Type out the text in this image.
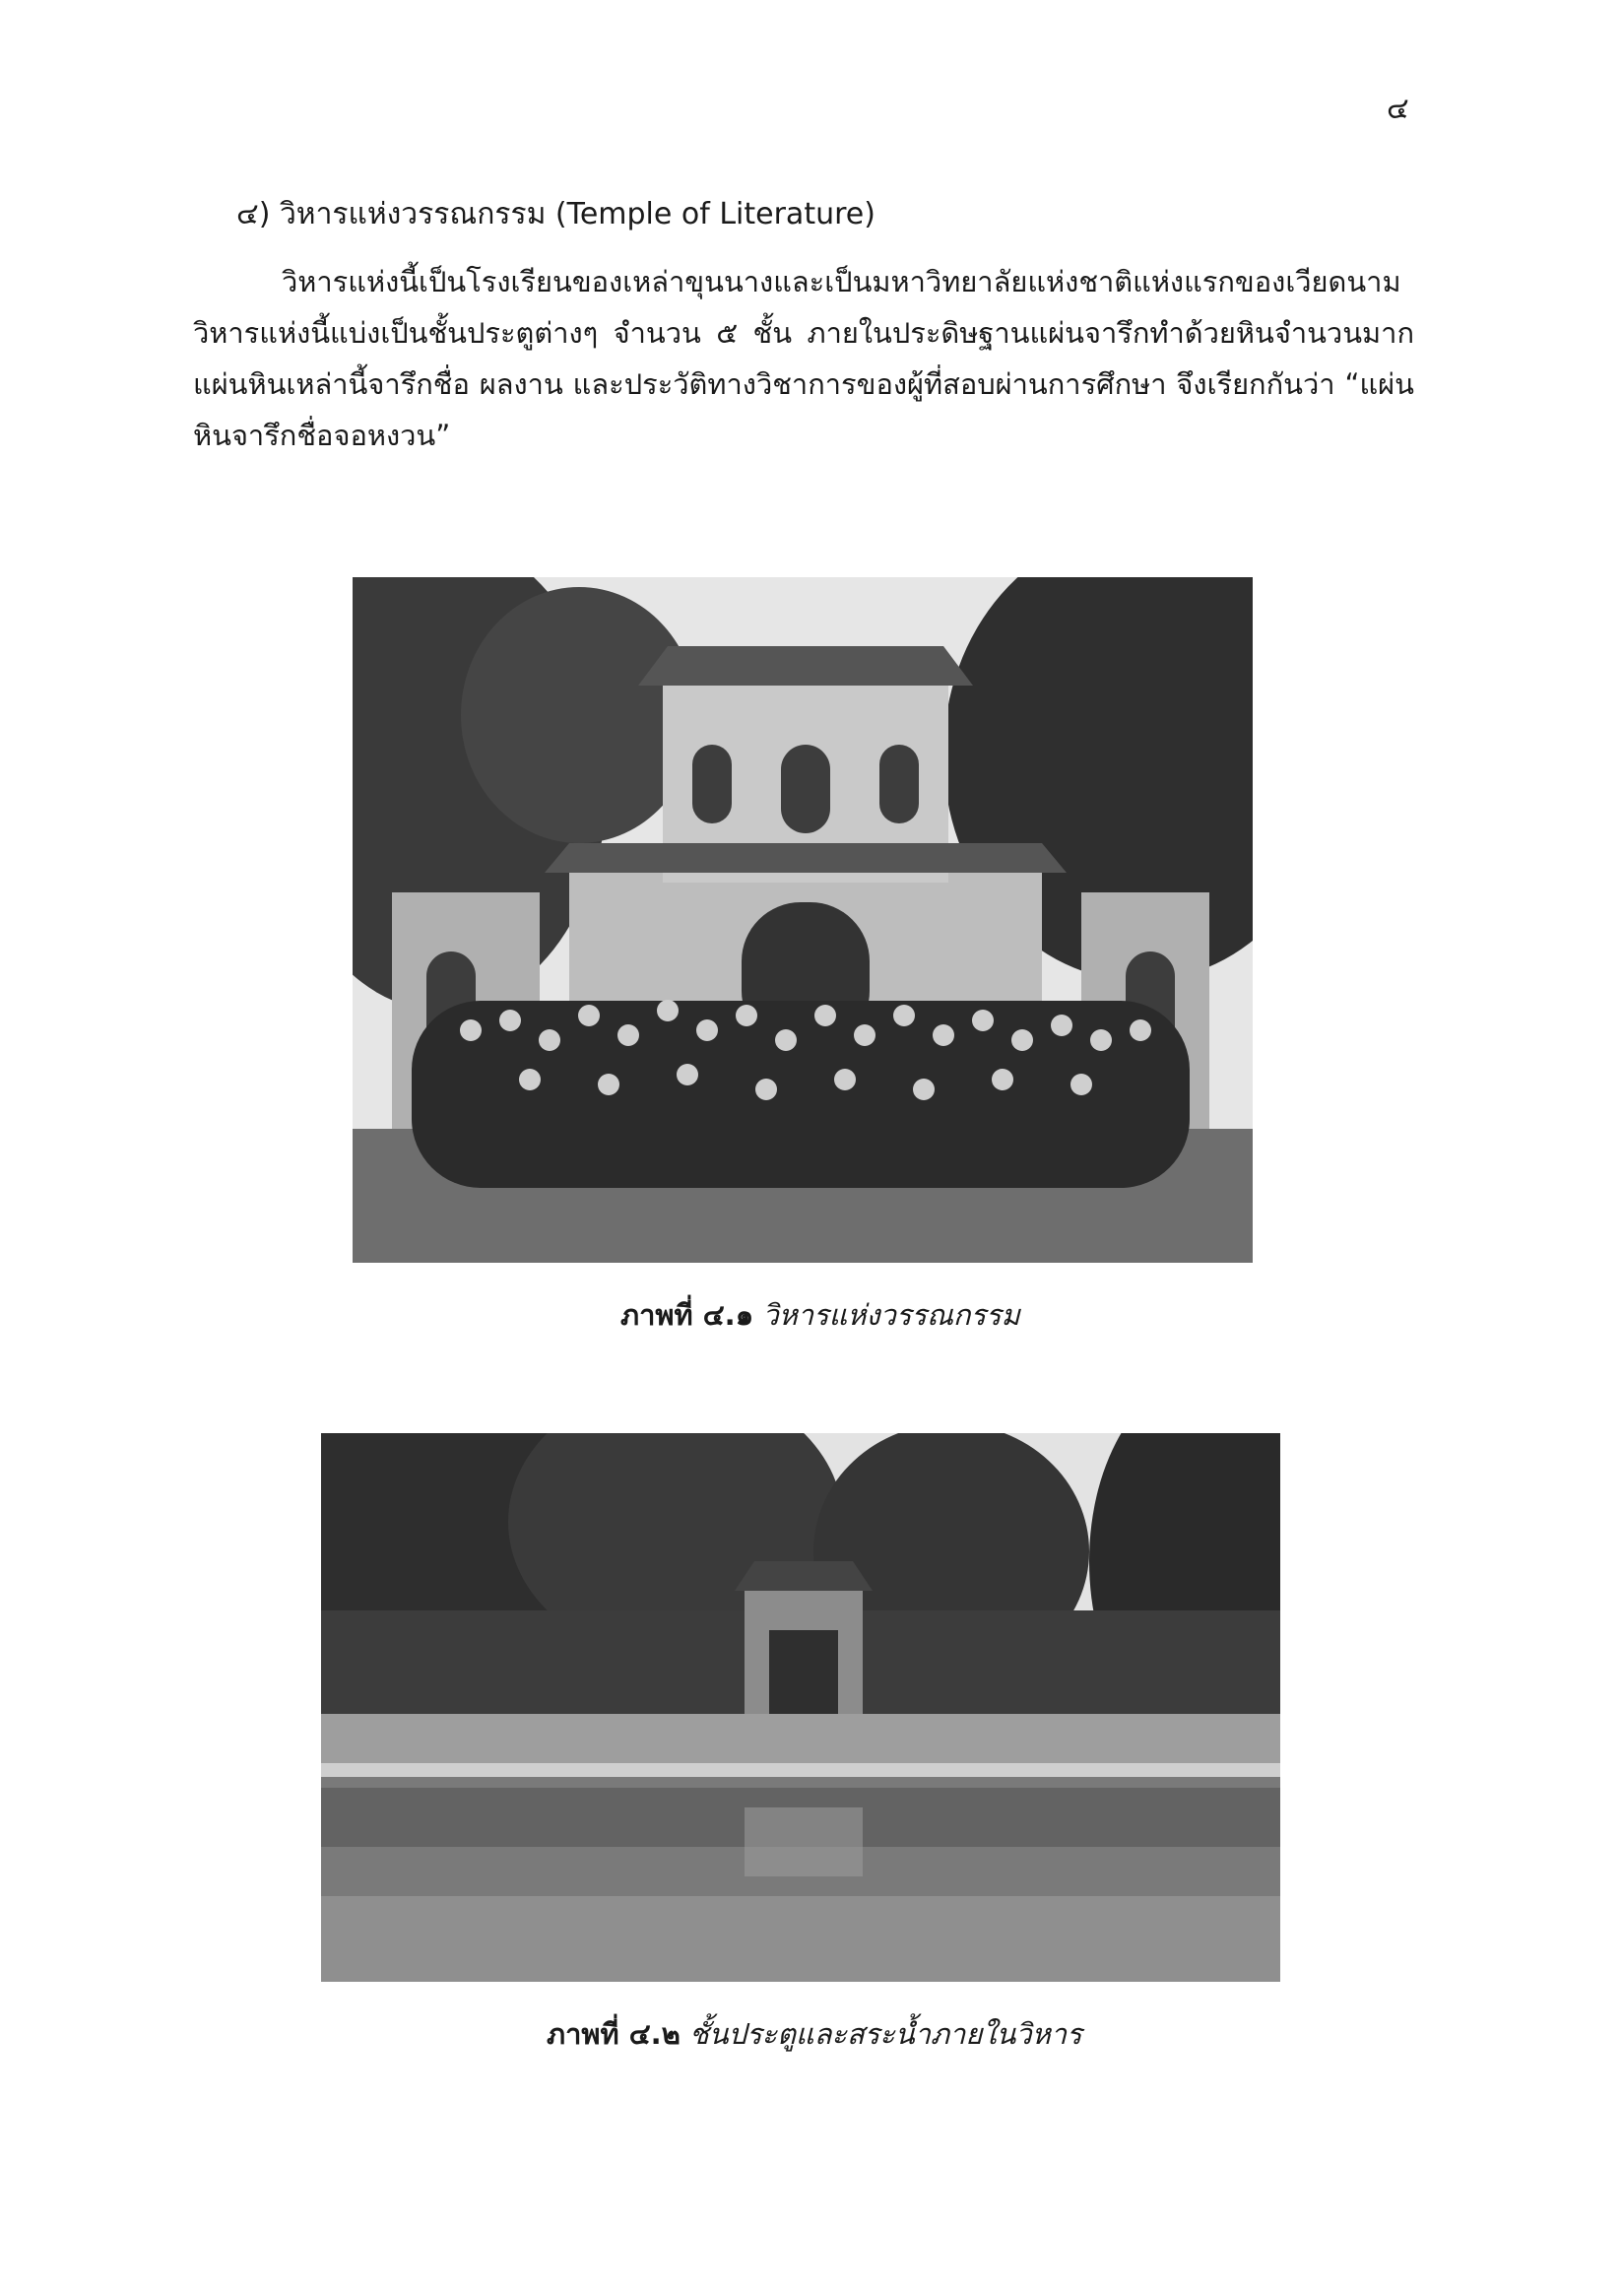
๔
๔) วิหารแห่งวรรณกรรม (Temple of Literature)
วิหารแห่งนี้เป็นโรงเรียนของเหล่าขุนนางและเป็นมหาวิทยาลัยแห่งชาติแห่งแรกของเวียดนาม วิหารแห่งนี้แบ่งเป็นชั้นประตูต่างๆ จำนวน ๕ ชั้น ภายในประดิษฐานแผ่นจารึกทำด้วยหินจำนวนมาก แผ่นหินเหล่านี้จารึกชื่อ ผลงาน และประวัติทางวิชาการของผู้ที่สอบผ่านการศึกษา จึงเรียกกันว่า “แผ่นหินจารึกชื่อจอหงวน”
ภาพที่ ๔.๑ วิหารแห่งวรรณกรรม
ภาพที่ ๔.๒ ชั้นประตูและสระน้ำภายในวิหาร
